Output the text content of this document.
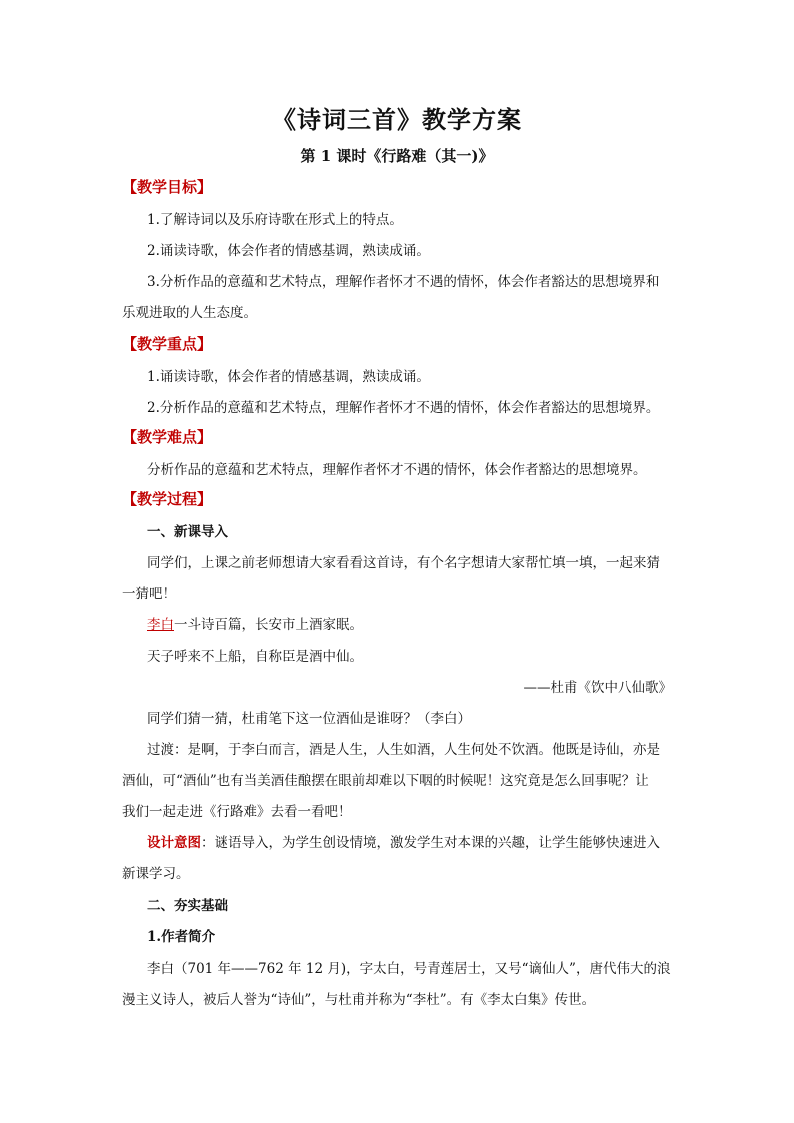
《诗词三首》教学方案
第 1 课时《行路难（其一)》
【教学目标】
1.了解诗词以及乐府诗歌在形式上的特点。
2.诵读诗歌，体会作者的情感基调，熟读成诵。
3.分析作品的意蕴和艺术特点，理解作者怀才不遇的情怀，体会作者豁达的思想境界和
乐观进取的人生态度。
【教学重点】
1.诵读诗歌，体会作者的情感基调，熟读成诵。
2.分析作品的意蕴和艺术特点，理解作者怀才不遇的情怀，体会作者豁达的思想境界。
【教学难点】
分析作品的意蕴和艺术特点，理解作者怀才不遇的情怀，体会作者豁达的思想境界。
【教学过程】
一、新课导入
同学们，上课之前老师想请大家看看这首诗，有个名字想请大家帮忙填一填，一起来猜
一猜吧！
李白一斗诗百篇，长安市上酒家眠。
天子呼来不上船，自称臣是酒中仙。
——杜甫《饮中八仙歌》
同学们猜一猜，杜甫笔下这一位酒仙是谁呀？（李白）
过渡：是啊，于李白而言，酒是人生，人生如酒，人生何处不饮酒。他既是诗仙，亦是
酒仙，可“酒仙”也有当美酒佳酿摆在眼前却难以下咽的时候呢！这究竟是怎么回事呢？让
我们一起走进《行路难》去看一看吧！
设计意图：谜语导入，为学生创设情境，激发学生对本课的兴趣，让学生能够快速进入
新课学习。
二、夯实基础
1.作者简介
李白（701 年——762 年 12 月)，字太白，号青莲居士，又号“谪仙人”，唐代伟大的浪
漫主义诗人，被后人誉为“诗仙”，与杜甫并称为“李杜”。有《李太白集》传世。
